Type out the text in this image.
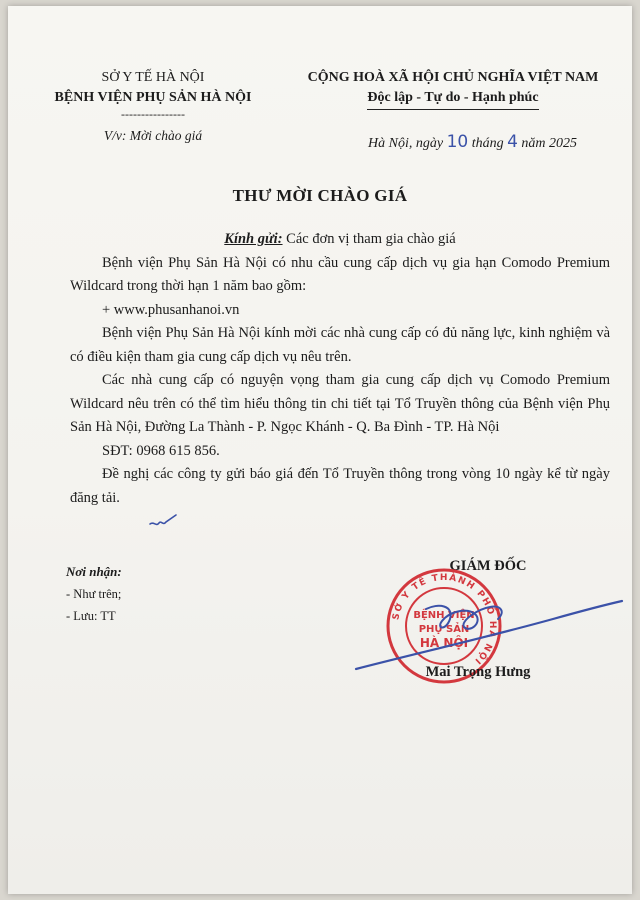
SỞ Y TẾ HÀ NỘI
BỆNH VIỆN PHỤ SẢN HÀ NỘI
----------------
V/v: Mời chào giá
CỘNG HOÀ XÃ HỘI CHỦ NGHĨA VIỆT NAM
Độc lập - Tự do - Hạnh phúc
Hà Nội, ngày 10 tháng 4 năm 2025
THƯ MỜI CHÀO GIÁ

Kính gửi: Các đơn vị tham gia chào giá

Bệnh viện Phụ Sản Hà Nội có nhu cầu cung cấp dịch vụ gia hạn Comodo Premium Wildcard trong thời hạn 1 năm bao gồm:

+ www.phusanhanoi.vn

Bệnh viện Phụ Sản Hà Nội kính mời các nhà cung cấp có đủ năng lực, kinh nghiệm và có điều kiện tham gia cung cấp dịch vụ nêu trên.

Các nhà cung cấp có nguyện vọng tham gia cung cấp dịch vụ Comodo Premium Wildcard nêu trên có thể tìm hiểu thông tin chi tiết tại Tổ Truyền thông của Bệnh viện Phụ Sản Hà Nội, Đường La Thành - P. Ngọc Khánh - Q. Ba Đình - TP. Hà Nội

SĐT: 0968 615 856.

Đề nghị các công ty gửi báo giá đến Tổ Truyền thông trong vòng 10 ngày kể từ ngày đăng tải.

Nơi nhận:
- Như trên;
- Lưu: TT
GIÁM ĐỐC
SỞ Y TẾ THÀNH PHỐ HÀ NỘI
BỆNH VIỆN
PHỤ SẢN
HÀ NỘI
Mai Trọng Hưng
